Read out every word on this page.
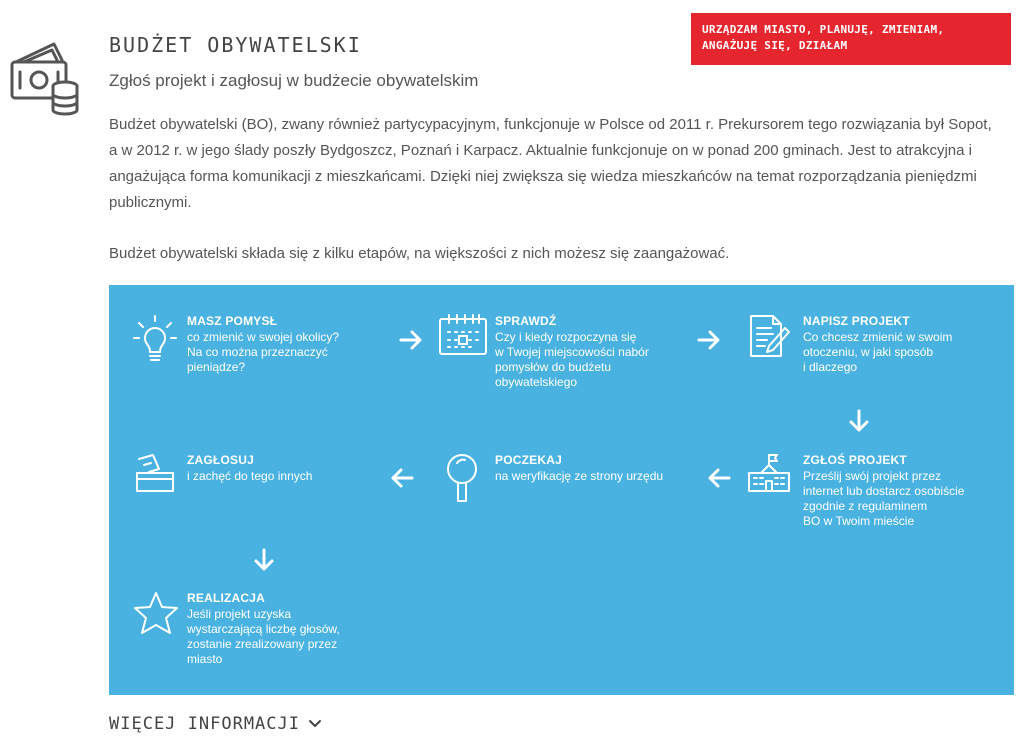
URZĄDZAM MIASTO, PLANUJĘ, ZMIENIAM, ANGAŻUJĘ SIĘ, DZIAŁAM
BUDŻET OBYWATELSKI
Zgłoś projekt i zagłosuj w budżecie obywatelskim

Budżet obywatelski (BO), zwany również partycypacyjnym, funkcjonuje w Polsce od 2011 r. Prekursorem tego rozwiązania był Sopot, a w 2012 r. w jego ślady poszły Bydgoszcz, Poznań i Karpacz. Aktualnie funkcjonuje on w ponad 200 gminach. Jest to atrakcyjna i angażująca forma komunikacji z mieszkańcami. Dzięki niej zwiększa się wiedza mieszkańców na temat rozporządzania pieniędzmi publicznymi.

Budżet obywatelski składa się z kilku etapów, na większości z nich możesz się zaangażować.

MASZ POMYSŁ
co zmienić w swojej okolicy?
Na co można przeznaczyć
pieniądze?
SPRAWDŹ
Czy i kiedy rozpoczyna się
w Twojej miejscowości nabór
pomysłów do budżetu
obywatelskiego
NAPISZ PROJEKT
Co chcesz zmienić w swoim
otoczeniu, w jaki sposób
i dlaczego
ZGŁOŚ PROJEKT
Prześlij swój projekt przez
internet lub dostarcz osobiście
zgodnie z regulaminem
BO w Twoim mieście
POCZEKAJ
na weryfikację ze strony urzędu
ZAGŁOSUJ
i zachęć do tego innych
REALIZACJA
Jeśli projekt uzyska
wystarczającą liczbę głosów,
zostanie zrealizowany przez
miasto
WIĘCEJ INFORMACJI
